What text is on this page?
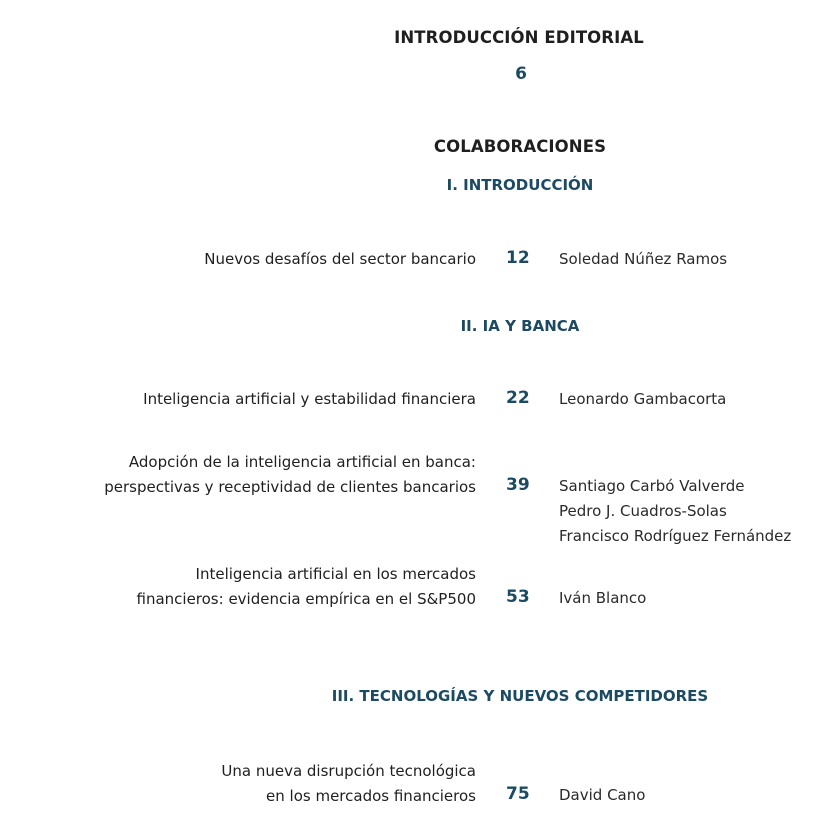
INTRODUCCIÓN EDITORIAL
6
COLABORACIONES
I. INTRODUCCIÓN
Nuevos desafíos del sector bancario 12 Soledad Núñez Ramos
II. IA Y BANCA
Inteligencia artificial y estabilidad financiera 22 Leonardo Gambacorta
Adopción de la inteligencia artificial en banca:
perspectivas y receptividad de clientes bancarios 39 Santiago Carbó Valverde
Pedro J. Cuadros-Solas
Francisco Rodríguez Fernández
Inteligencia artificial en los mercados
financieros: evidencia empírica en el S&P500 53 Iván Blanco
III. TECNOLOGÍAS Y NUEVOS COMPETIDORES
Una nueva disrupción tecnológica
en los mercados financieros 75 David Cano
